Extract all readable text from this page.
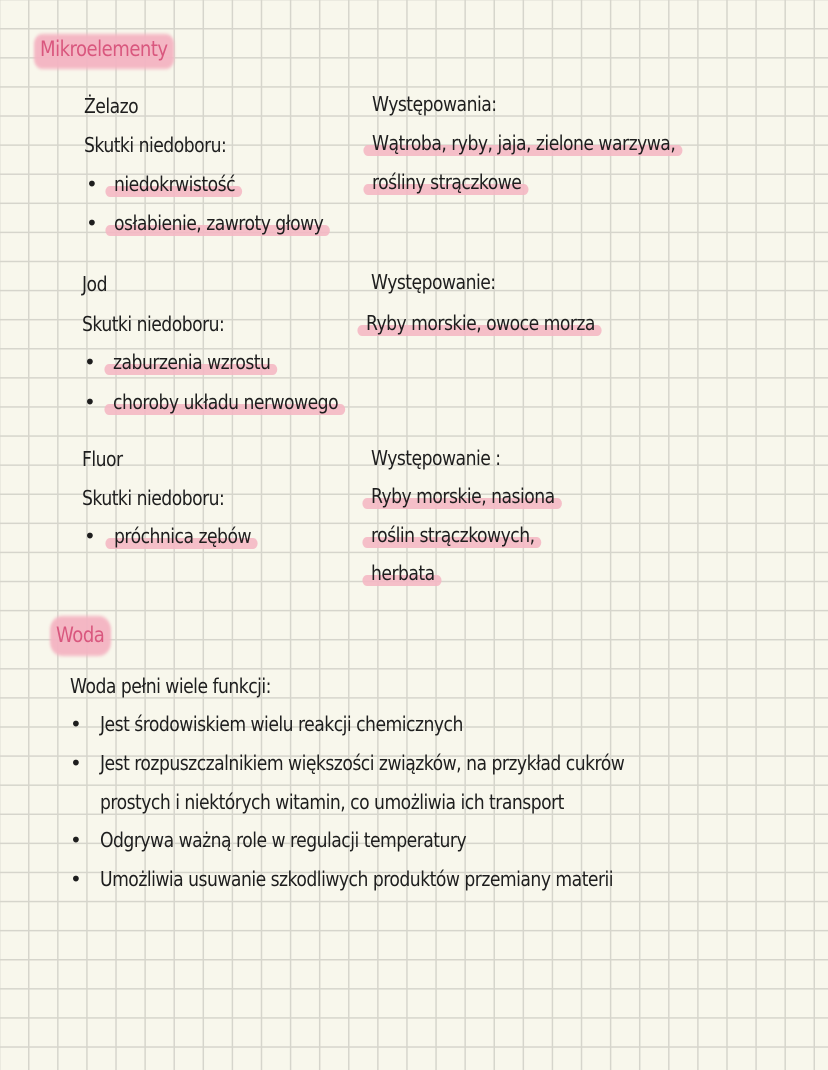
Mikroelementy
Żelazo
Skutki niedoboru:
• niedokrwistość
• osłabienie, zawroty głowy
Występowania:
Wątroba, ryby, jaja, zielone warzywa,
rośliny strączkowe
Jod
Skutki niedoboru:
• zaburzenia wzrostu
• choroby układu nerwowego
Występowanie:
Ryby morskie, owoce morza
Fluor
Skutki niedoboru:
• próchnica zębów
Występowanie :
Ryby morskie, nasiona
roślin strączkowych,
herbata
Woda
Woda pełni wiele funkcji:
• Jest środowiskiem wielu reakcji chemicznych
• Jest rozpuszczalnikiem większości związków, na przykład cukrów
prostych i niektórych witamin, co umożliwia ich transport
• Odgrywa ważną role w regulacji temperatury
• Umożliwia usuwanie szkodliwych produktów przemiany materii
